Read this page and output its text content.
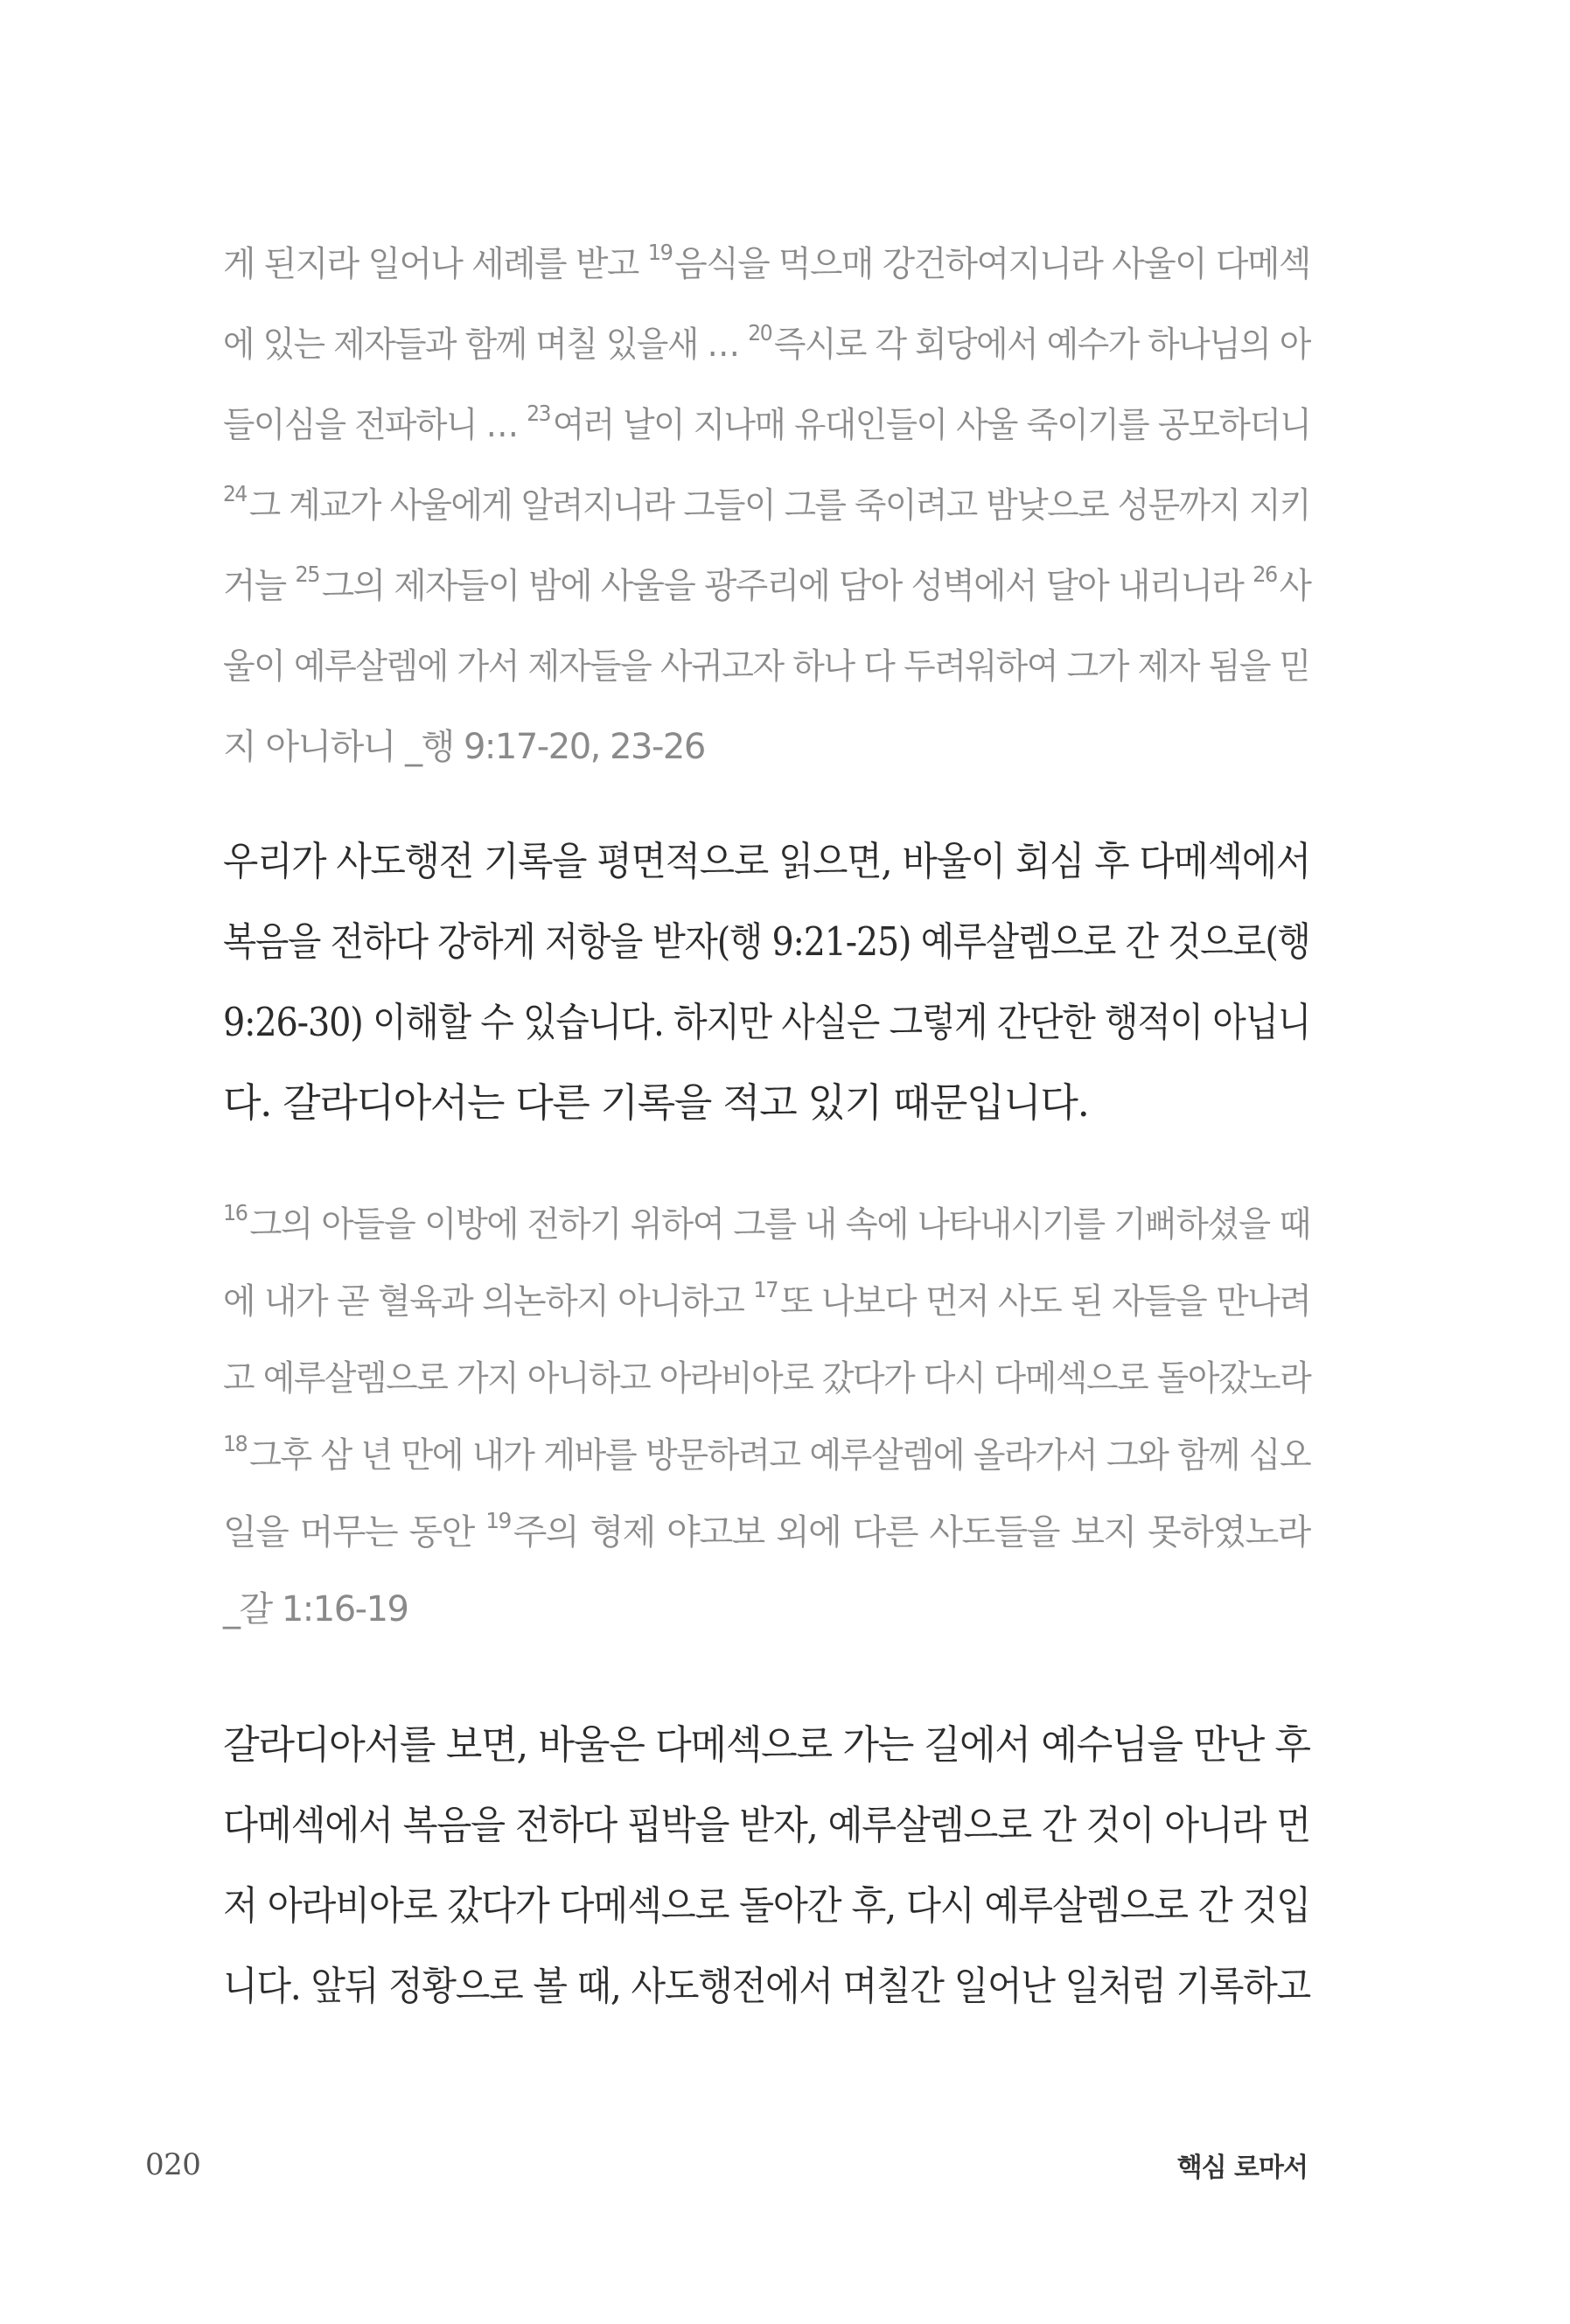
게 된지라 일어나 세례를 받고 $^{19}$음식을 먹으매 강건하여지니라 사울이 다메섹
에 있는 제자들과 함께 며칠 있을새 … $^{20}$즉시로 각 회당에서 예수가 하나님의 아
들이심을 전파하니 … $^{23}$여러 날이 지나매 유대인들이 사울 죽이기를 공모하더니
$^{24}$그 계교가 사울에게 알려지니라 그들이 그를 죽이려고 밤낮으로 성문까지 지키
거늘 $^{25}$그의 제자들이 밤에 사울을 광주리에 담아 성벽에서 달아 내리니라 $^{26}$사
울이 예루살렘에 가서 제자들을 사귀고자 하나 다 두려워하여 그가 제자 됨을 믿
지 아니하니 _행 9:17-20, 23-26
우리가 사도행전 기록을 평면적으로 읽으면, 바울이 회심 후 다메섹에서
복음을 전하다 강하게 저항을 받자(행 9:21-25) 예루살렘으로 간 것으로(행
9:26-30) 이해할 수 있습니다. 하지만 사실은 그렇게 간단한 행적이 아닙니
다. 갈라디아서는 다른 기록을 적고 있기 때문입니다.
$^{16}$그의 아들을 이방에 전하기 위하여 그를 내 속에 나타내시기를 기뻐하셨을 때
에 내가 곧 혈육과 의논하지 아니하고 $^{17}$또 나보다 먼저 사도 된 자들을 만나려
고 예루살렘으로 가지 아니하고 아라비아로 갔다가 다시 다메섹으로 돌아갔노라
$^{18}$그후 삼 년 만에 내가 게바를 방문하려고 예루살렘에 올라가서 그와 함께 십오
일을 머무는 동안 $^{19}$주의 형제 야고보 외에 다른 사도들을 보지 못하였노라
_갈 1:16-19
갈라디아서를 보면, 바울은 다메섹으로 가는 길에서 예수님을 만난 후
다메섹에서 복음을 전하다 핍박을 받자, 예루살렘으로 간 것이 아니라 먼
저 아라비아로 갔다가 다메섹으로 돌아간 후, 다시 예루살렘으로 간 것입
니다. 앞뒤 정황으로 볼 때, 사도행전에서 며칠간 일어난 일처럼 기록하고
020	핵심 로마서
